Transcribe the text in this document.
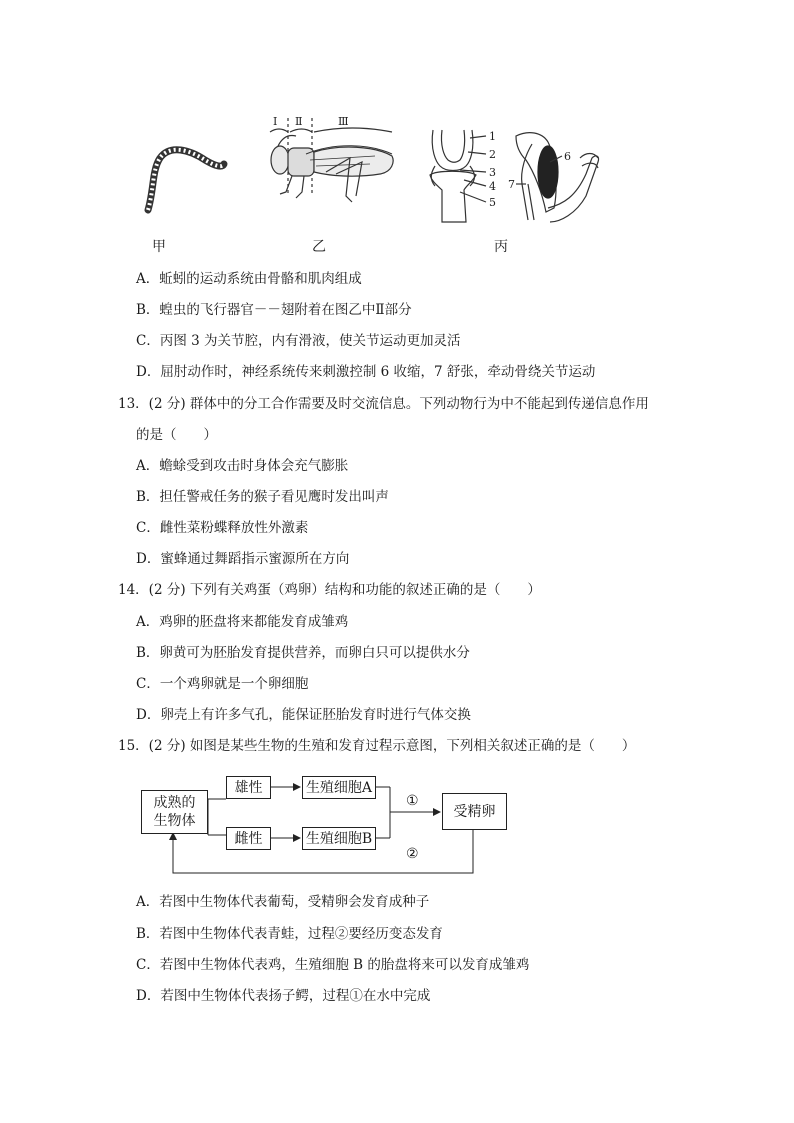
Ⅰ Ⅱ	Ⅲ
1
2
3
4
5
6
7
甲	乙	丙
A．蚯蚓的运动系统由骨骼和肌肉组成
B．蝗虫的飞行器官－－翅附着在图乙中Ⅱ部分
C．丙图 3 为关节腔，内有滑液，使关节运动更加灵活
D．屈肘动作时，神经系统传来刺激控制 6 收缩，7 舒张，牵动骨绕关节运动
13．(2 分) 群体中的分工合作需要及时交流信息。下列动物行为中不能起到传递信息作用
的是（　　）
A．蟾蜍受到攻击时身体会充气膨胀
B．担任警戒任务的猴子看见鹰时发出叫声
C．雌性菜粉蝶释放性外激素
D．蜜蜂通过舞蹈指示蜜源所在方向
14．(2 分) 下列有关鸡蛋（鸡卵）结构和功能的叙述正确的是（　　）
A．鸡卵的胚盘将来都能发育成雏鸡
B．卵黄可为胚胎发育提供营养，而卵白只可以提供水分
C．一个鸡卵就是一个卵细胞
D．卵壳上有许多气孔，能保证胚胎发育时进行气体交换
15．(2 分) 如图是某些生物的生殖和发育过程示意图，下列相关叙述正确的是（　　）
成熟的
生物体
雄性
雌性
生殖细胞A
生殖细胞B
受精卵
①
②
A．若图中生物体代表葡萄，受精卵会发育成种子
B．若图中生物体代表青蛙，过程②要经历变态发育
C．若图中生物体代表鸡，生殖细胞 B 的胎盘将来可以发育成雏鸡
D．若图中生物体代表扬子鳄，过程①在水中完成
